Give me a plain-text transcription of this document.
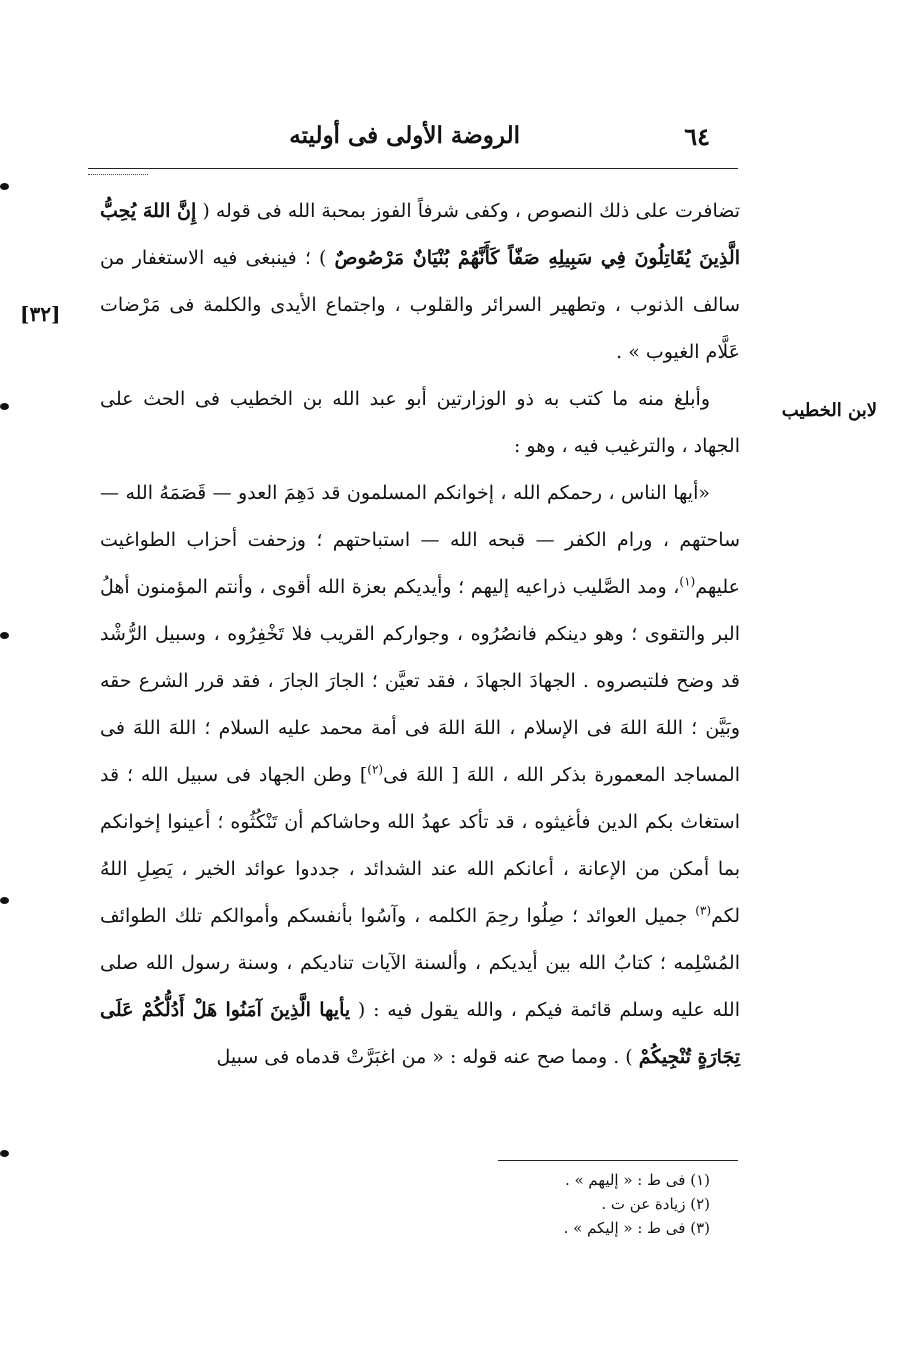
٦٤
الروضة الأولى فى أوليته
[٣٢]
لابن الخطيب

تضافرت على ذلك النصوص ، وكفى شرفاً الفوز بمحبة الله فى قوله ( إِنَّ اللهَ يُحِبُّ الَّذِينَ يُقَاتِلُونَ فِي سَبِيلِهِ صَفّاً كَأَنَّهُمْ بُنْيَانٌ مَرْصُوصٌ ) ؛ فينبغى فيه الاستغفار من سالف الذنوب ، وتطهير السرائر والقلوب ، واجتماع الأيدى والكلمة فى مَرْضات عَلَّام الغيوب » .

وأبلغ منه ما كتب به ذو الوزارتين أبو عبد الله بن الخطيب فى الحث على الجهاد ، والترغيب فيه ، وهو :

«أيها الناس ، رحمكم الله ، إخوانكم المسلمون قد دَهِمَ العدو — قَصَمَهُ الله — ساحتهم ، ورام الكفر — قبحه الله — استباحتهم ؛ وزحفت أحزاب الطواغيت عليهم$^{(١)}$، ومد الصَّليب ذراعيه إليهم ؛ وأيديكم بعزة الله أقوى ، وأنتم المؤمنون أهلُ البر والتقوى ؛ وهو دينكم فانصُرُوه ، وجواركم القريب فلا تَخْفِرُوه ، وسبيل الرُّشْد قد وضح فلتبصروه . الجهادَ الجهادَ ، فقد تعيَّن ؛ الجارَ الجارَ ، فقد قرر الشرع حقه وبَيَّن ؛ اللهَ اللهَ فى الإسلام ، اللهَ اللهَ فى أمة محمد عليه السلام ؛ اللهَ اللهَ فى المساجد المعمورة بذكر الله ، اللهَ [ اللهَ فى$^{(٢)}$] وطن الجهاد فى سبيل الله ؛ قد استغاث بكم الدين فأغيثوه ، قد تأكد عهدُ الله وحاشاكم أن تَنْكُثُوه ؛ أعينوا إخوانكم بما أمكن من الإعانة ، أعانكم الله عند الشدائد ، جددوا عوائد الخير ، يَصِلِ اللهُ لكم$^{(٣)}$ جميل العوائد ؛ صِلُوا رحِمَ الكلمه ، وآسُوا بأنفسكم وأموالكم تلك الطوائف المُسْلِمه ؛ كتابُ الله بين أيديكم ، وألسنة الآيات تناديكم ، وسنة رسول الله صلى الله عليه وسلم قائمة فيكم ، والله يقول فيه : ( يأيها الَّذِينَ آمَنُوا هَلْ أَدُلُّكُمْ عَلَى تِجَارَةٍ تُنْجِيكُمْ ) . ومما صح عنه قوله : « من اغبَرَّتْ قدماه فى سبيل

(١) فى ط : « إليهم » .

(٢) زيادة عن ت .

(٣) فى ط : « إليكم » .
